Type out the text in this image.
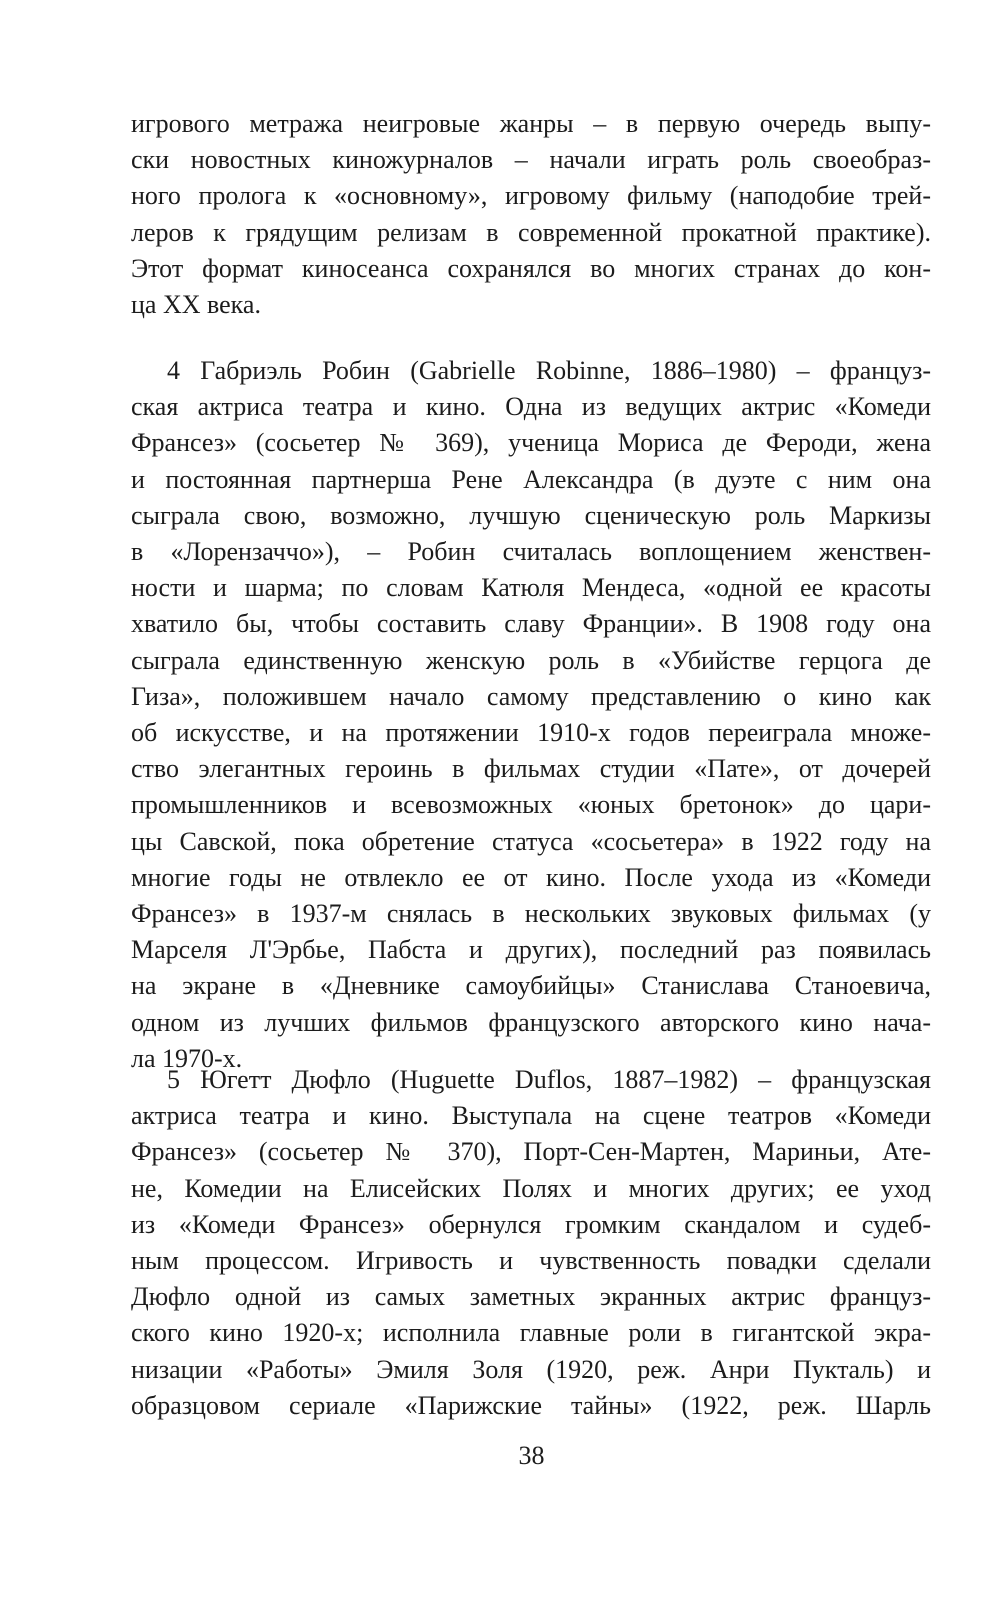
игрового метража неигровые жанры – в первую очередь выпу-
ски новостных киножурналов – начали играть роль своеобраз-
ного пролога к «основному», игровому фильму (наподобие трей-
леров к грядущим релизам в современной прокатной практике).
Этот формат киносеанса сохранялся во многих странах до кон-
ца XX века.
4 Габриэль Робин (Gabrielle Robinne, 1886–1980) – француз-
ская актриса театра и кино. Одна из ведущих актрис «Комеди
Франсез» (сосьетер № 369), ученица Мориса де Ферoди, жена
и постоянная партнерша Рене Александра (в дуэте с ним она
сыграла свою, возможно, лучшую сценическую роль Маркизы
в «Лорензаччо»), – Робин считалась воплощением женствен-
ности и шарма; по словам Катюля Мендеса, «одной ее красоты
хватило бы, чтобы составить славу Франции». В 1908 году она
сыграла единственную женскую роль в «Убийстве герцога де
Гиза», положившем начало самому представлению о кино как
об искусстве, и на протяжении 1910-х годов переиграла множе-
ство элегантных героинь в фильмах студии «Пате», от дочерей
промышленников и всевозможных «юных бретонок» до цари-
цы Савской, пока обретение статуса «сосьетера» в 1922 году на
многие годы не отвлекло ее от кино. После ухода из «Комеди
Франсез» в 1937-м снялась в нескольких звуковых фильмах (у
Марселя Л'Эрбье, Пабста и других), последний раз появилась
на экране в «Дневнике самоубийцы» Станислава Станоевича,
одном из лучших фильмов французского авторского кино нача-
ла 1970-х.
5 Югетт Дюфло (Huguette Duflos, 1887–1982) – французская
актриса театра и кино. Выступала на сцене театров «Комеди
Франсез» (сосьетер № 370), Порт-Сен-Мартен, Мариньи, Ате-
не, Комедии на Елисейских Полях и многих других; ее уход
из «Комеди Франсез» обернулся громким скандалом и судеб-
ным процессом. Игривость и чувственность повадки сделали
Дюфло одной из самых заметных экранных актрис француз-
ского кино 1920-х; исполнила главные роли в гигантской экра-
низации «Работы» Эмиля Золя (1920, реж. Анри Пуктaль) и
образцовом сериале «Парижские тайны» (1922, реж. Шарль
38
